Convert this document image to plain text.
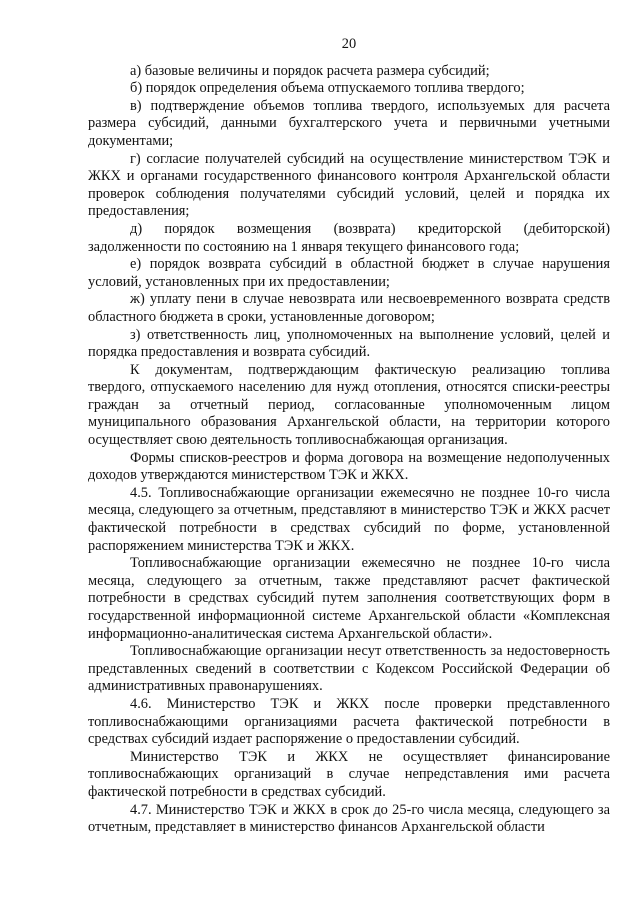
20

а) базовые величины и порядок расчета размера субсидий;

б) порядок определения объема отпускаемого топлива твердого;

в) подтверждение объемов топлива твердого, используемых для расчета размера субсидий, данными бухгалтерского учета и первичными учетными документами;

г) согласие получателей субсидий на осуществление министерством ТЭК и ЖКХ и органами государственного финансового контроля Архангельской области проверок соблюдения получателями субсидий условий, целей и порядка их предоставления;

д) порядок возмещения (возврата) кредиторской (дебиторской) задолженности по состоянию на 1 января текущего финансового года;

е) порядок возврата субсидий в областной бюджет в случае нарушения условий, установленных при их предоставлении;

ж) уплату пени в случае невозврата или несвоевременного возврата средств областного бюджета в сроки, установленные договором;

з) ответственность лиц, уполномоченных на выполнение условий, целей и порядка предоставления и возврата субсидий.

К документам, подтверждающим фактическую реализацию топлива твердого, отпускаемого населению для нужд отопления, относятся списки-реестры граждан за отчетный период, согласованные уполномоченным лицом муниципального образования Архангельской области, на территории которого осуществляет свою деятельность топливоснабжающая организация.

Формы списков-реестров и форма договора на возмещение недополученных доходов утверждаются министерством ТЭК и ЖКХ.

4.5. Топливоснабжающие организации ежемесячно не позднее 10-го числа месяца, следующего за отчетным, представляют в министерство ТЭК и ЖКХ расчет фактической потребности в средствах субсидий по форме, установленной распоряжением министерства ТЭК и ЖКХ.

Топливоснабжающие организации ежемесячно не позднее 10-го числа месяца, следующего за отчетным, также представляют расчет фактической потребности в средствах субсидий путем заполнения соответствующих форм в государственной информационной системе Архангельской области «Комплексная информационно-аналитическая система Архангельской области».

Топливоснабжающие организации несут ответственность за недостоверность представленных сведений в соответствии с Кодексом Российской Федерации об административных правонарушениях.

4.6. Министерство ТЭК и ЖКХ после проверки представленного топливоснабжающими организациями расчета фактической потребности в средствах субсидий издает распоряжение о предоставлении субсидий.

Министерство ТЭК и ЖКХ не осуществляет финансирование топливоснабжающих организаций в случае непредставления ими расчета фактической потребности в средствах субсидий.

4.7. Министерство ТЭК и ЖКХ в срок до 25-го числа месяца, следующего за отчетным, представляет в министерство финансов Архангельской области
